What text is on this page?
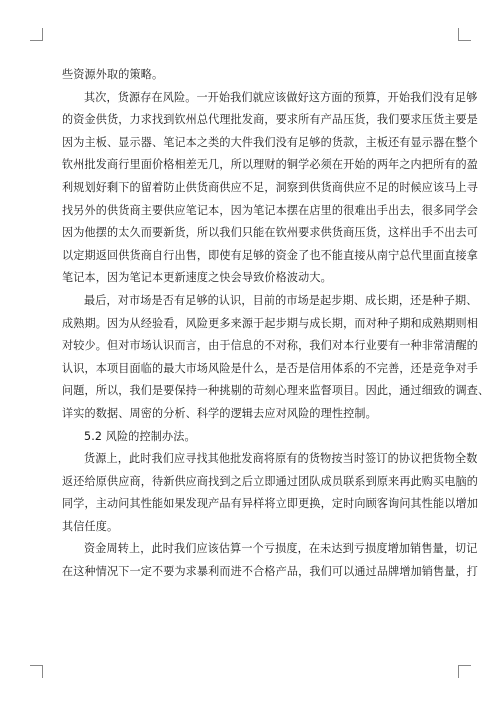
些资源外取的策略。
其次，货源存在风险。一开始我们就应该做好这方面的预算，开始我们没有足够
的资金供货，力求找到钦州总代理批发商，要求所有产品压货，我们要求压货主要是
因为主板、显示器、笔记本之类的大件我们没有足够的货款，主板还有显示器在整个
钦州批发商行里面价格相差无几，所以理财的铜学必须在开始的两年之内把所有的盈
利规划好剩下的留着防止供货商供应不足，洞察到供货商供应不足的时候应该马上寻
找另外的供货商主要供应笔记本，因为笔记本摆在店里的很难出手出去，很多同学会
因为他摆的太久而要新货，所以我们只能在钦州要求供货商压货，这样出手不出去可
以定期返回供货商自行出售，即使有足够的资金了也不能直接从南宁总代里面直接拿
笔记本，因为笔记本更新速度之快会导致价格波动大。
最后，对市场是否有足够的认识，目前的市场是起步期、成长期，还是种子期、
成熟期。因为从经验看，风险更多来源于起步期与成长期，而对种子期和成熟期则相
对较少。但对市场认识而言，由于信息的不对称，我们对本行业要有一种非常清醒的
认识，本项目面临的最大市场风险是什么，是否是信用体系的不完善，还是竞争对手
问题，所以，我们是要保持一种挑剔的苛刻心理来监督项目。因此，通过细致的调查、
详实的数据、周密的分析、科学的逻辑去应对风险的理性控制。
5.2 风险的控制办法。
货源上，此时我们应寻找其他批发商将原有的货物按当时签订的协议把货物全数
返还给原供应商，待新供应商找到之后立即通过团队成员联系到原来再此购买电脑的
同学，主动问其性能如果发现产品有异样将立即更换，定时向顾客询问其性能以增加
其信任度。
资金周转上，此时我们应该估算一个亏损度，在未达到亏损度增加销售量，切记
在这种情况下一定不要为求暴利而进不合格产品，我们可以通过品牌增加销售量，打
